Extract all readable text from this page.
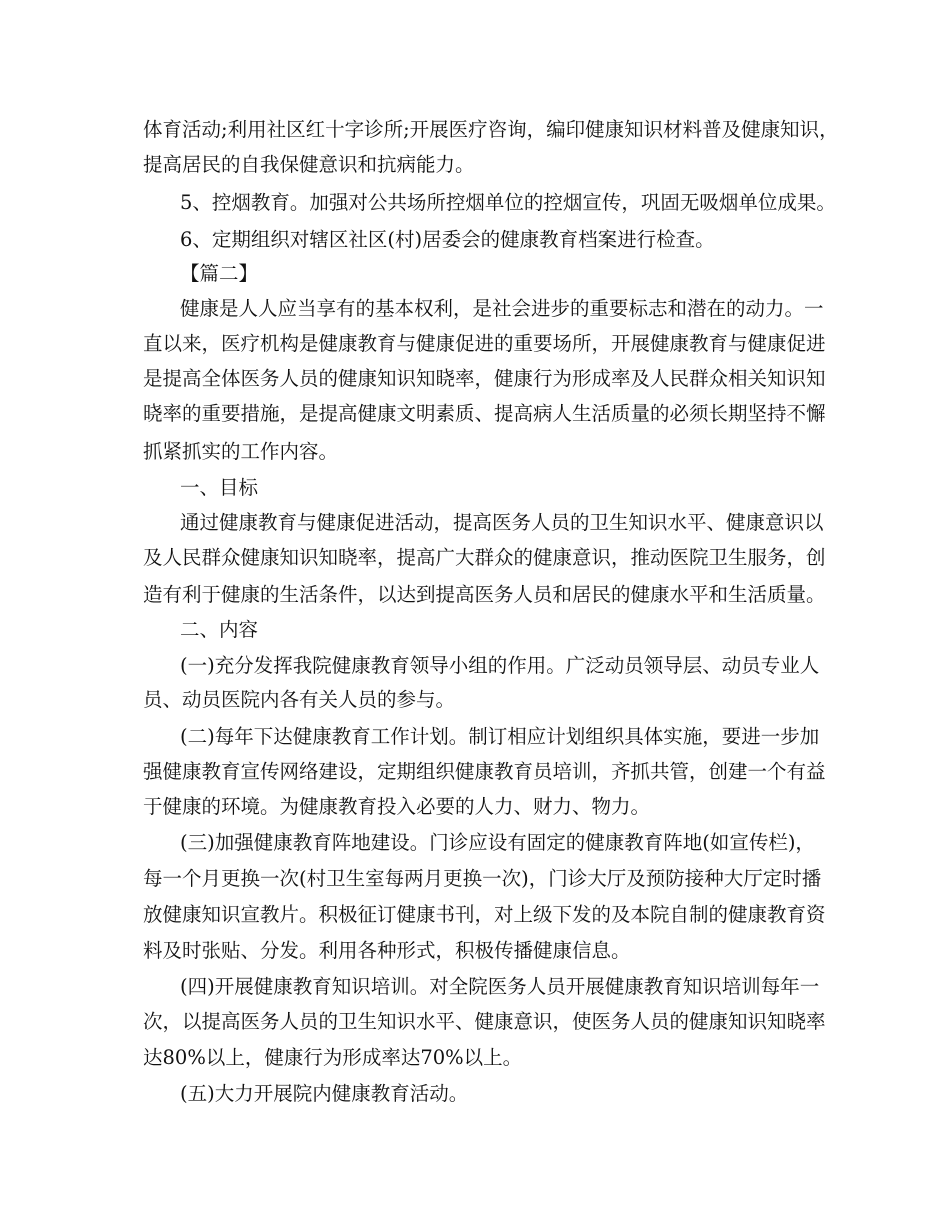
体育活动;利用社区红十字诊所;开展医疗咨询，编印健康知识材料普及健康知识，
提高居民的自我保健意识和抗病能力。
5、控烟教育。加强对公共场所控烟单位的控烟宣传，巩固无吸烟单位成果。
6、定期组织对辖区社区(村)居委会的健康教育档案进行检查。
【篇二】
健康是人人应当享有的基本权利，是社会进步的重要标志和潜在的动力。一
直以来，医疗机构是健康教育与健康促进的重要场所，开展健康教育与健康促进
是提高全体医务人员的健康知识知晓率，健康行为形成率及人民群众相关知识知
晓率的重要措施，是提高健康文明素质、提高病人生活质量的必须长期坚持不懈
抓紧抓实的工作内容。
一、目标
通过健康教育与健康促进活动，提高医务人员的卫生知识水平、健康意识以
及人民群众健康知识知晓率，提高广大群众的健康意识，推动医院卫生服务，创
造有利于健康的生活条件，以达到提高医务人员和居民的健康水平和生活质量。
二、内容
(一)充分发挥我院健康教育领导小组的作用。广泛动员领导层、动员专业人
员、动员医院内各有关人员的参与。
(二)每年下达健康教育工作计划。制订相应计划组织具体实施，要进一步加
强健康教育宣传网络建设，定期组织健康教育员培训，齐抓共管，创建一个有益
于健康的环境。为健康教育投入必要的人力、财力、物力。
(三)加强健康教育阵地建设。门诊应设有固定的健康教育阵地(如宣传栏)，
每一个月更换一次(村卫生室每两月更换一次)，门诊大厅及预防接种大厅定时播
放健康知识宣教片。积极征订健康书刊，对上级下发的及本院自制的健康教育资
料及时张贴、分发。利用各种形式，积极传播健康信息。
(四)开展健康教育知识培训。对全院医务人员开展健康教育知识培训每年一
次，以提高医务人员的卫生知识水平、健康意识，使医务人员的健康知识知晓率
达80%以上，健康行为形成率达70%以上。
(五)大力开展院内健康教育活动。
